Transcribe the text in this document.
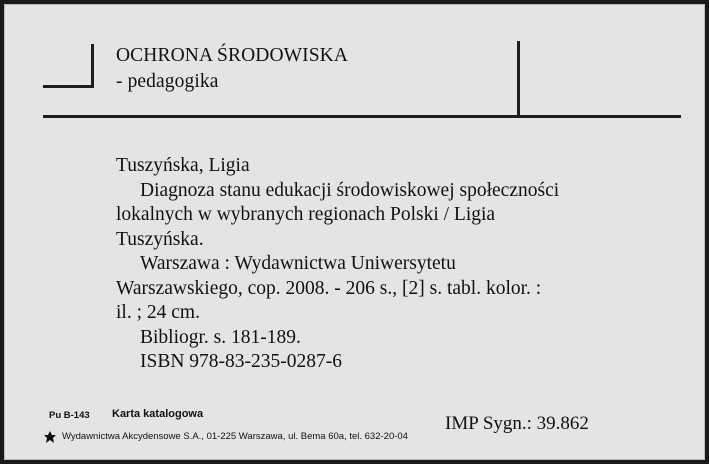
OCHRONA ŚRODOWISKA
- pedagogika
Tuszyńska, Ligia
Diagnoza stanu edukacji środowiskowej społeczności
lokalnych w wybranych regionach Polski / Ligia
Tuszyńska.
Warszawa : Wydawnictwa Uniwersytetu
Warszawskiego, cop. 2008. - 206 s., [2] s. tabl. kolor. :
il. ; 24 cm.
Bibliogr. s. 181-189.
ISBN 978-83-235-0287-6
Pu B-143 Karta katalogowa	IMP Sygn.: 39.862
Wydawnictwa Akcydensowe S.A., 01-225 Warszawa, ul. Bema 60a, tel. 632-20-04
